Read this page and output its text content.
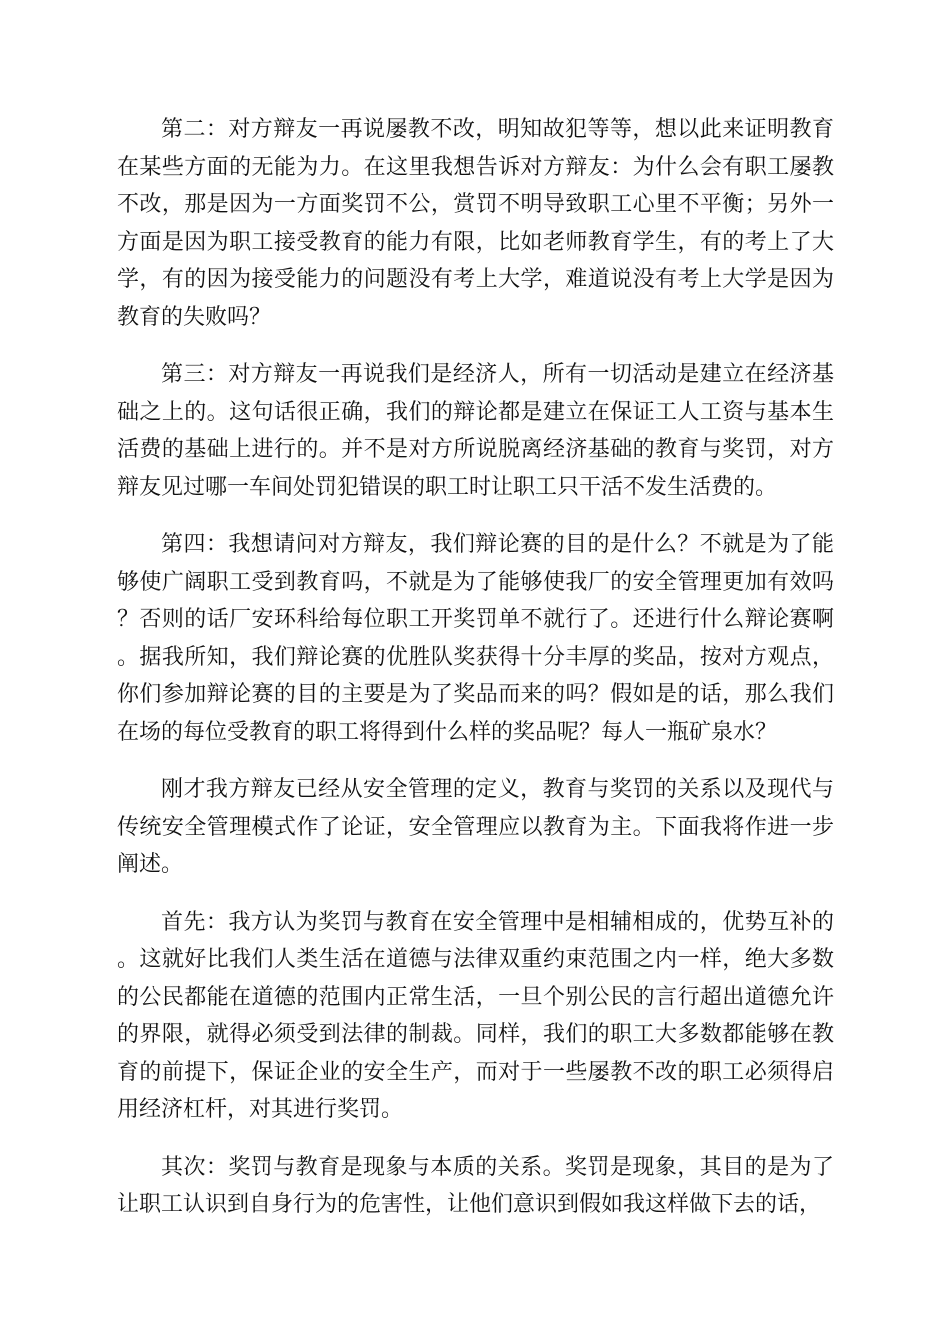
第二：对方辩友一再说屡教不改，明知故犯等等，想以此来证明教育在某些方面的无能为力。在这里我想告诉对方辩友：为什么会有职工屡教不改，那是因为一方面奖罚不公，赏罚不明导致职工心里不平衡；另外一方面是因为职工接受教育的能力有限，比如老师教育学生，有的考上了大学，有的因为接受能力的问题没有考上大学，难道说没有考上大学是因为教育的失败吗？

第三：对方辩友一再说我们是经济人，所有一切活动是建立在经济基础之上的。这句话很正确，我们的辩论都是建立在保证工人工资与基本生活费的基础上进行的。并不是对方所说脱离经济基础的教育与奖罚，对方辩友见过哪一车间处罚犯错误的职工时让职工只干活不发生活费的。

第四：我想请问对方辩友，我们辩论赛的目的是什么？不就是为了能够使广阔职工受到教育吗，不就是为了能够使我厂的安全管理更加有效吗？否则的话厂安环科给每位职工开奖罚单不就行了。还进行什么辩论赛啊。据我所知，我们辩论赛的优胜队奖获得十分丰厚的奖品，按对方观点，你们参加辩论赛的目的主要是为了奖品而来的吗？假如是的话，那么我们在场的每位受教育的职工将得到什么样的奖品呢？每人一瓶矿泉水？

刚才我方辩友已经从安全管理的定义，教育与奖罚的关系以及现代与传统安全管理模式作了论证，安全管理应以教育为主。下面我将作进一步阐述。

首先：我方认为奖罚与教育在安全管理中是相辅相成的，优势互补的。这就好比我们人类生活在道德与法律双重约束范围之内一样，绝大多数的公民都能在道德的范围内正常生活，一旦个别公民的言行超出道德允许的界限，就得必须受到法律的制裁。同样，我们的职工大多数都能够在教育的前提下，保证企业的安全生产，而对于一些屡教不改的职工必须得启用经济杠杆，对其进行奖罚。

其次：奖罚与教育是现象与本质的关系。奖罚是现象，其目的是为了让职工认识到自身行为的危害性，让他们意识到假如我这样做下去的话，
